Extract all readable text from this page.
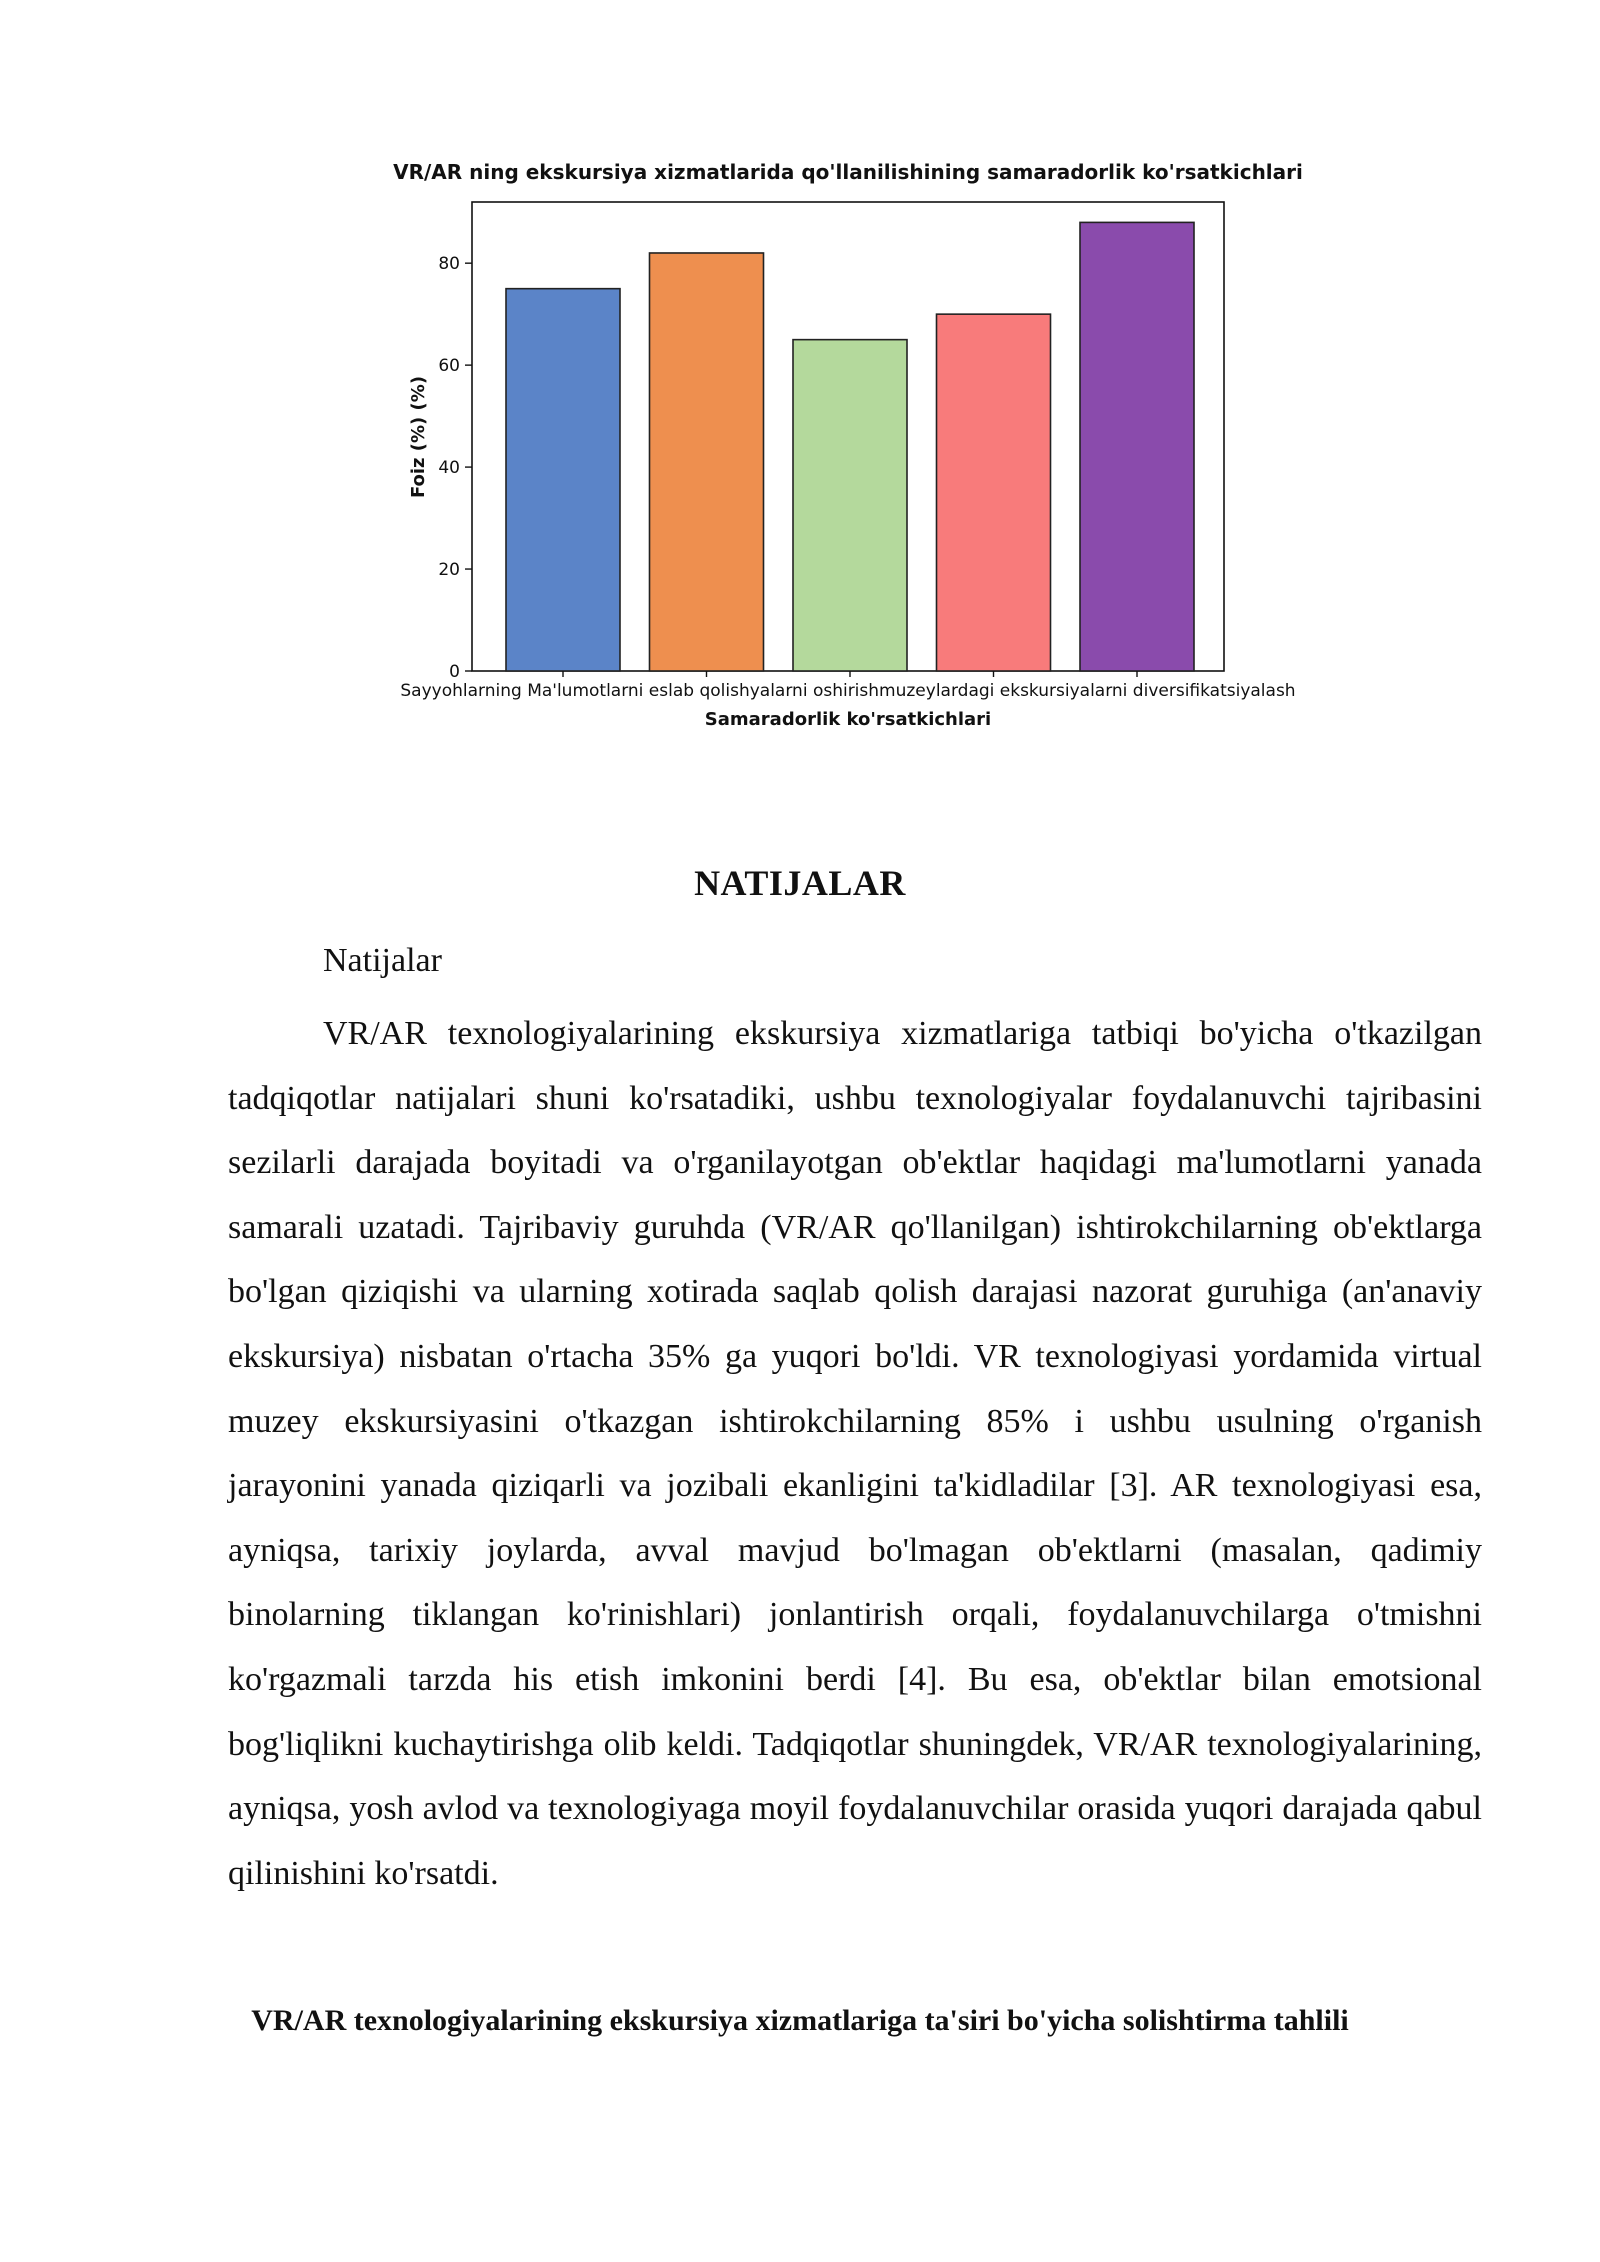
VR/AR ning ekskursiya xizmatlarida qo'llanilishining samaradorlik ko'rsatkichlari
0
20
40
60
80
Sayyohlarning Ma'lumotlarni eslab qolishyalarni oshirishmuzeylardagi ekskursiyalarni diversifikatsiyalash
Samaradorlik ko'rsatkichlari
Foiz (%) (%)
NATIJALAR
Natijalar

VR/AR texnologiyalarining ekskursiya xizmatlariga tatbiqi bo'yicha o'tkazilgan tadqiqotlar natijalari shuni ko'rsatadiki, ushbu texnologiyalar foydalanuvchi tajribasini sezilarli darajada boyitadi va o'rganilayotgan ob'ektlar haqidagi ma'lumotlarni yanada samarali uzatadi. Tajribaviy guruhda (VR/AR qo'llanilgan) ishtirokchilarning ob'ektlarga bo'lgan qiziqishi va ularning xotirada saqlab qolish darajasi nazorat guruhiga (an'anaviy ekskursiya) nisbatan o'rtacha 35% ga yuqori bo'ldi. VR texnologiyasi yordamida virtual muzey ekskursiyasini o'tkazgan ishtirokchilarning 85% i ushbu usulning o'rganish jarayonini yanada qiziqarli va jozibali ekanligini ta'kidladilar [3]. AR texnologiyasi esa, ayniqsa, tarixiy joylarda, avval mavjud bo'lmagan ob'ektlarni (masalan, qadimiy binolarning tiklangan ko'rinishlari) jonlantirish orqali, foydalanuvchilarga o'tmishni ko'rgazmali tarzda his etish imkonini berdi [4]. Bu esa, ob'ektlar bilan emotsional bog'liqlikni kuchaytirishga olib keldi. Tadqiqotlar shuningdek, VR/AR texnologiyalarining, ayniqsa, yosh avlod va texnologiyaga moyil foydalanuvchilar orasida yuqori darajada qabul qilinishini ko'rsatdi.

VR/AR texnologiyalarining ekskursiya xizmatlariga ta'siri bo'yicha solishtirma tahlili
